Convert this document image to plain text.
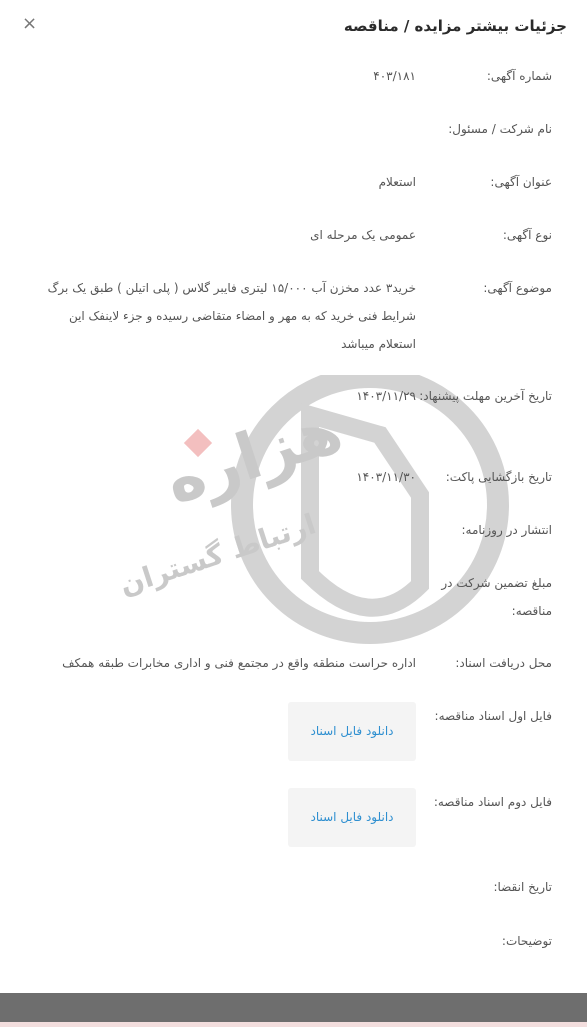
جزئیات بیشتر مزایده / مناقصه
×
هزاره
ارتباط گستران
شماره آگهی:
۴۰۳/۱۸۱
نام شرکت / مسئول:
عنوان آگهی:
استعلام
نوع آگهی:
عمومی یک مرحله ای
موضوع آگهی:
خرید۳ عدد مخزن آب ۱۵/۰۰۰ لیتری فایبر گلاس ( پلی اتیلن ) طبق یک برگ شرایط فنی خرید که به مهر و امضاء متقاضی رسیده و جزء لاینفک این استعلام میباشد
تاریخ آخرین مهلت پیشنهاد:
۱۴۰۳/۱۱/۲۹
تاریخ بازگشایی پاکت:
۱۴۰۳/۱۱/۳۰
انتشار در روزنامه:
مبلغ تضمین شرکت در مناقصه:
محل دریافت اسناد:
اداره حراست منطقه واقع در مجتمع فنی و اداری مخابرات طبقه همکف
فایل اول اسناد مناقصه:
دانلود فایل اسناد
فایل دوم اسناد مناقصه:
دانلود فایل اسناد
تاریخ انقضا:
توضیحات:
